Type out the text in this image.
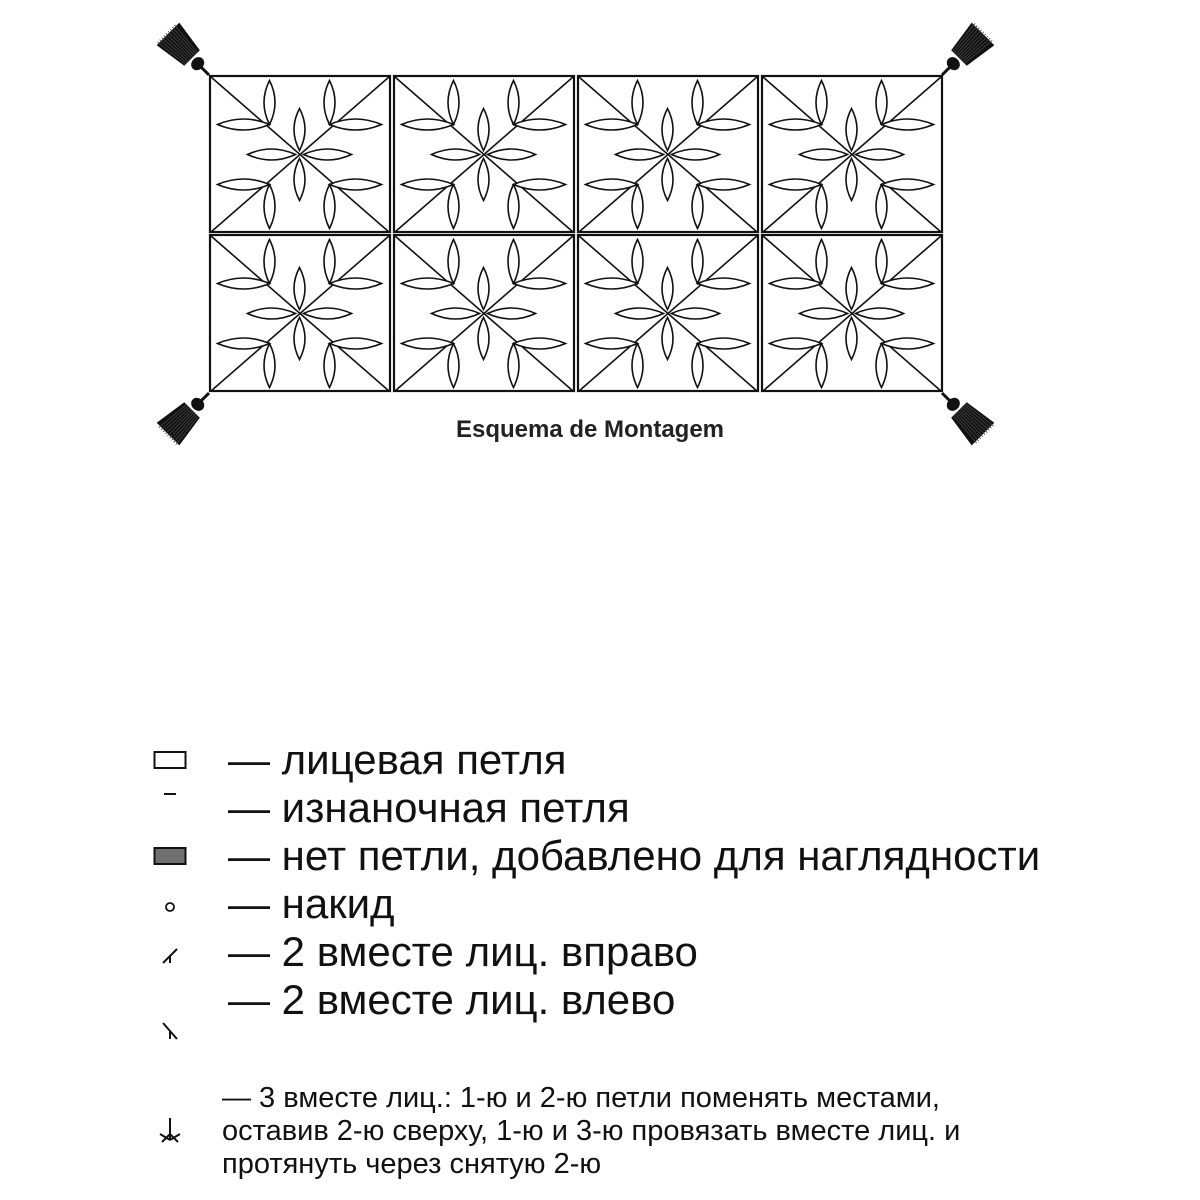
Esquema de Montagem
— лицевая петля
— изнаночная петля
— нет петли, добавлено для наглядности
— накид
— 2 вместе лиц. вправо
— 2 вместе лиц. влево
— 3 вместе лиц.: 1-ю и 2-ю петли поменять местами,
оставив 2-ю сверху, 1-ю и 3-ю провязать вместе лиц. и
протянуть через снятую 2-ю
